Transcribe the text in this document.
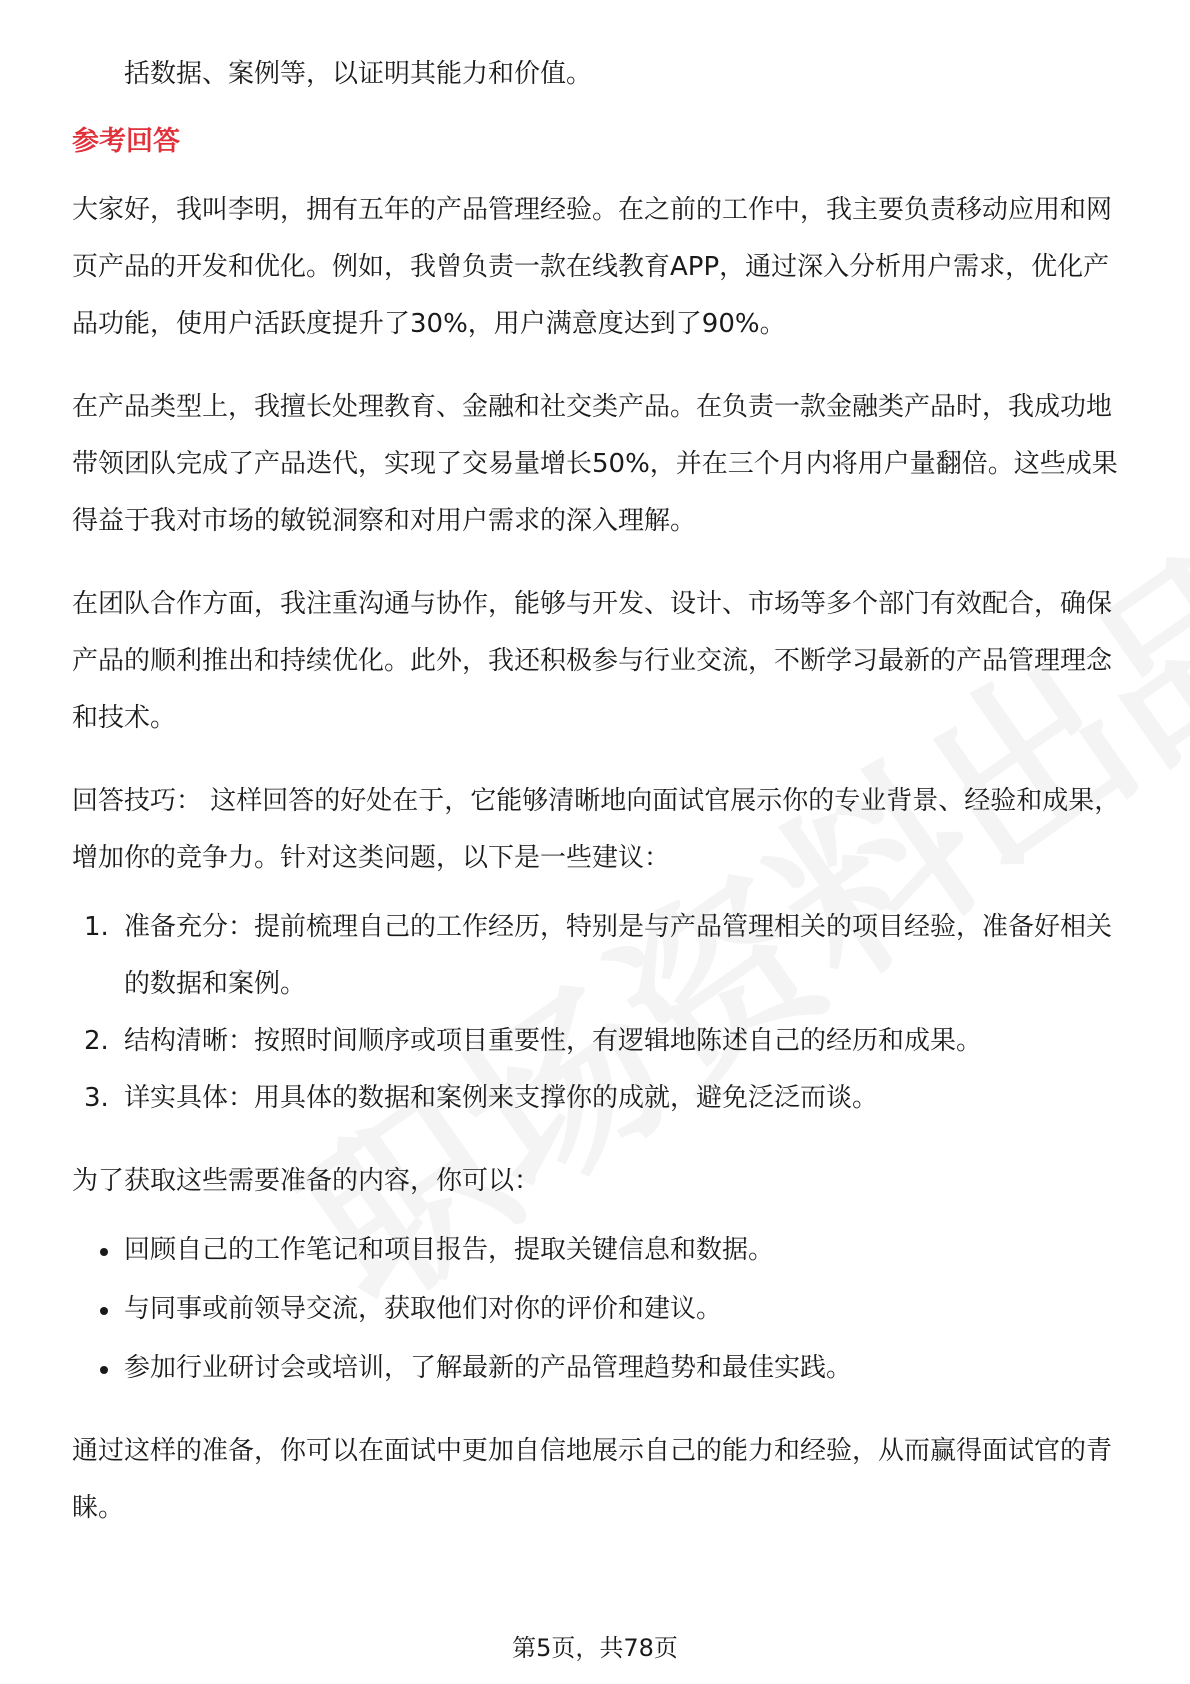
括数据、案例等，以证明其能力和价值。

参考回答

大家好，我叫李明，拥有五年的产品管理经验。在之前的工作中，我主要负责移动应用和网页产品的开发和优化。例如，我曾负责一款在线教育APP，通过深入分析用户需求，优化产品功能，使用户活跃度提升了30%，用户满意度达到了90%。

在产品类型上，我擅长处理教育、金融和社交类产品。在负责一款金融类产品时，我成功地带领团队完成了产品迭代，实现了交易量增长50%，并在三个月内将用户量翻倍。这些成果得益于我对市场的敏锐洞察和对用户需求的深入理解。

在团队合作方面，我注重沟通与协作，能够与开发、设计、市场等多个部门有效配合，确保产品的顺利推出和持续优化。此外，我还积极参与行业交流，不断学习最新的产品管理理念和技术。

回答技巧： 这样回答的好处在于，它能够清晰地向面试官展示你的专业背景、经验和成果，增加你的竞争力。针对这类问题，以下是一些建议：

1. 准备充分：提前梳理自己的工作经历，特别是与产品管理相关的项目经验，准备好相关的数据和案例。
2. 结构清晰：按照时间顺序或项目重要性，有逻辑地陈述自己的经历和成果。
3. 详实具体：用具体的数据和案例来支撑你的成就，避免泛泛而谈。

为了获取这些需要准备的内容，你可以：

回顾自己的工作笔记和项目报告，提取关键信息和数据。
与同事或前领导交流，获取他们对你的评价和建议。
参加行业研讨会或培训，了解最新的产品管理趋势和最佳实践。

通过这样的准备，你可以在面试中更加自信地展示自己的能力和经验，从而赢得面试官的青睐。

第5页，共78页
